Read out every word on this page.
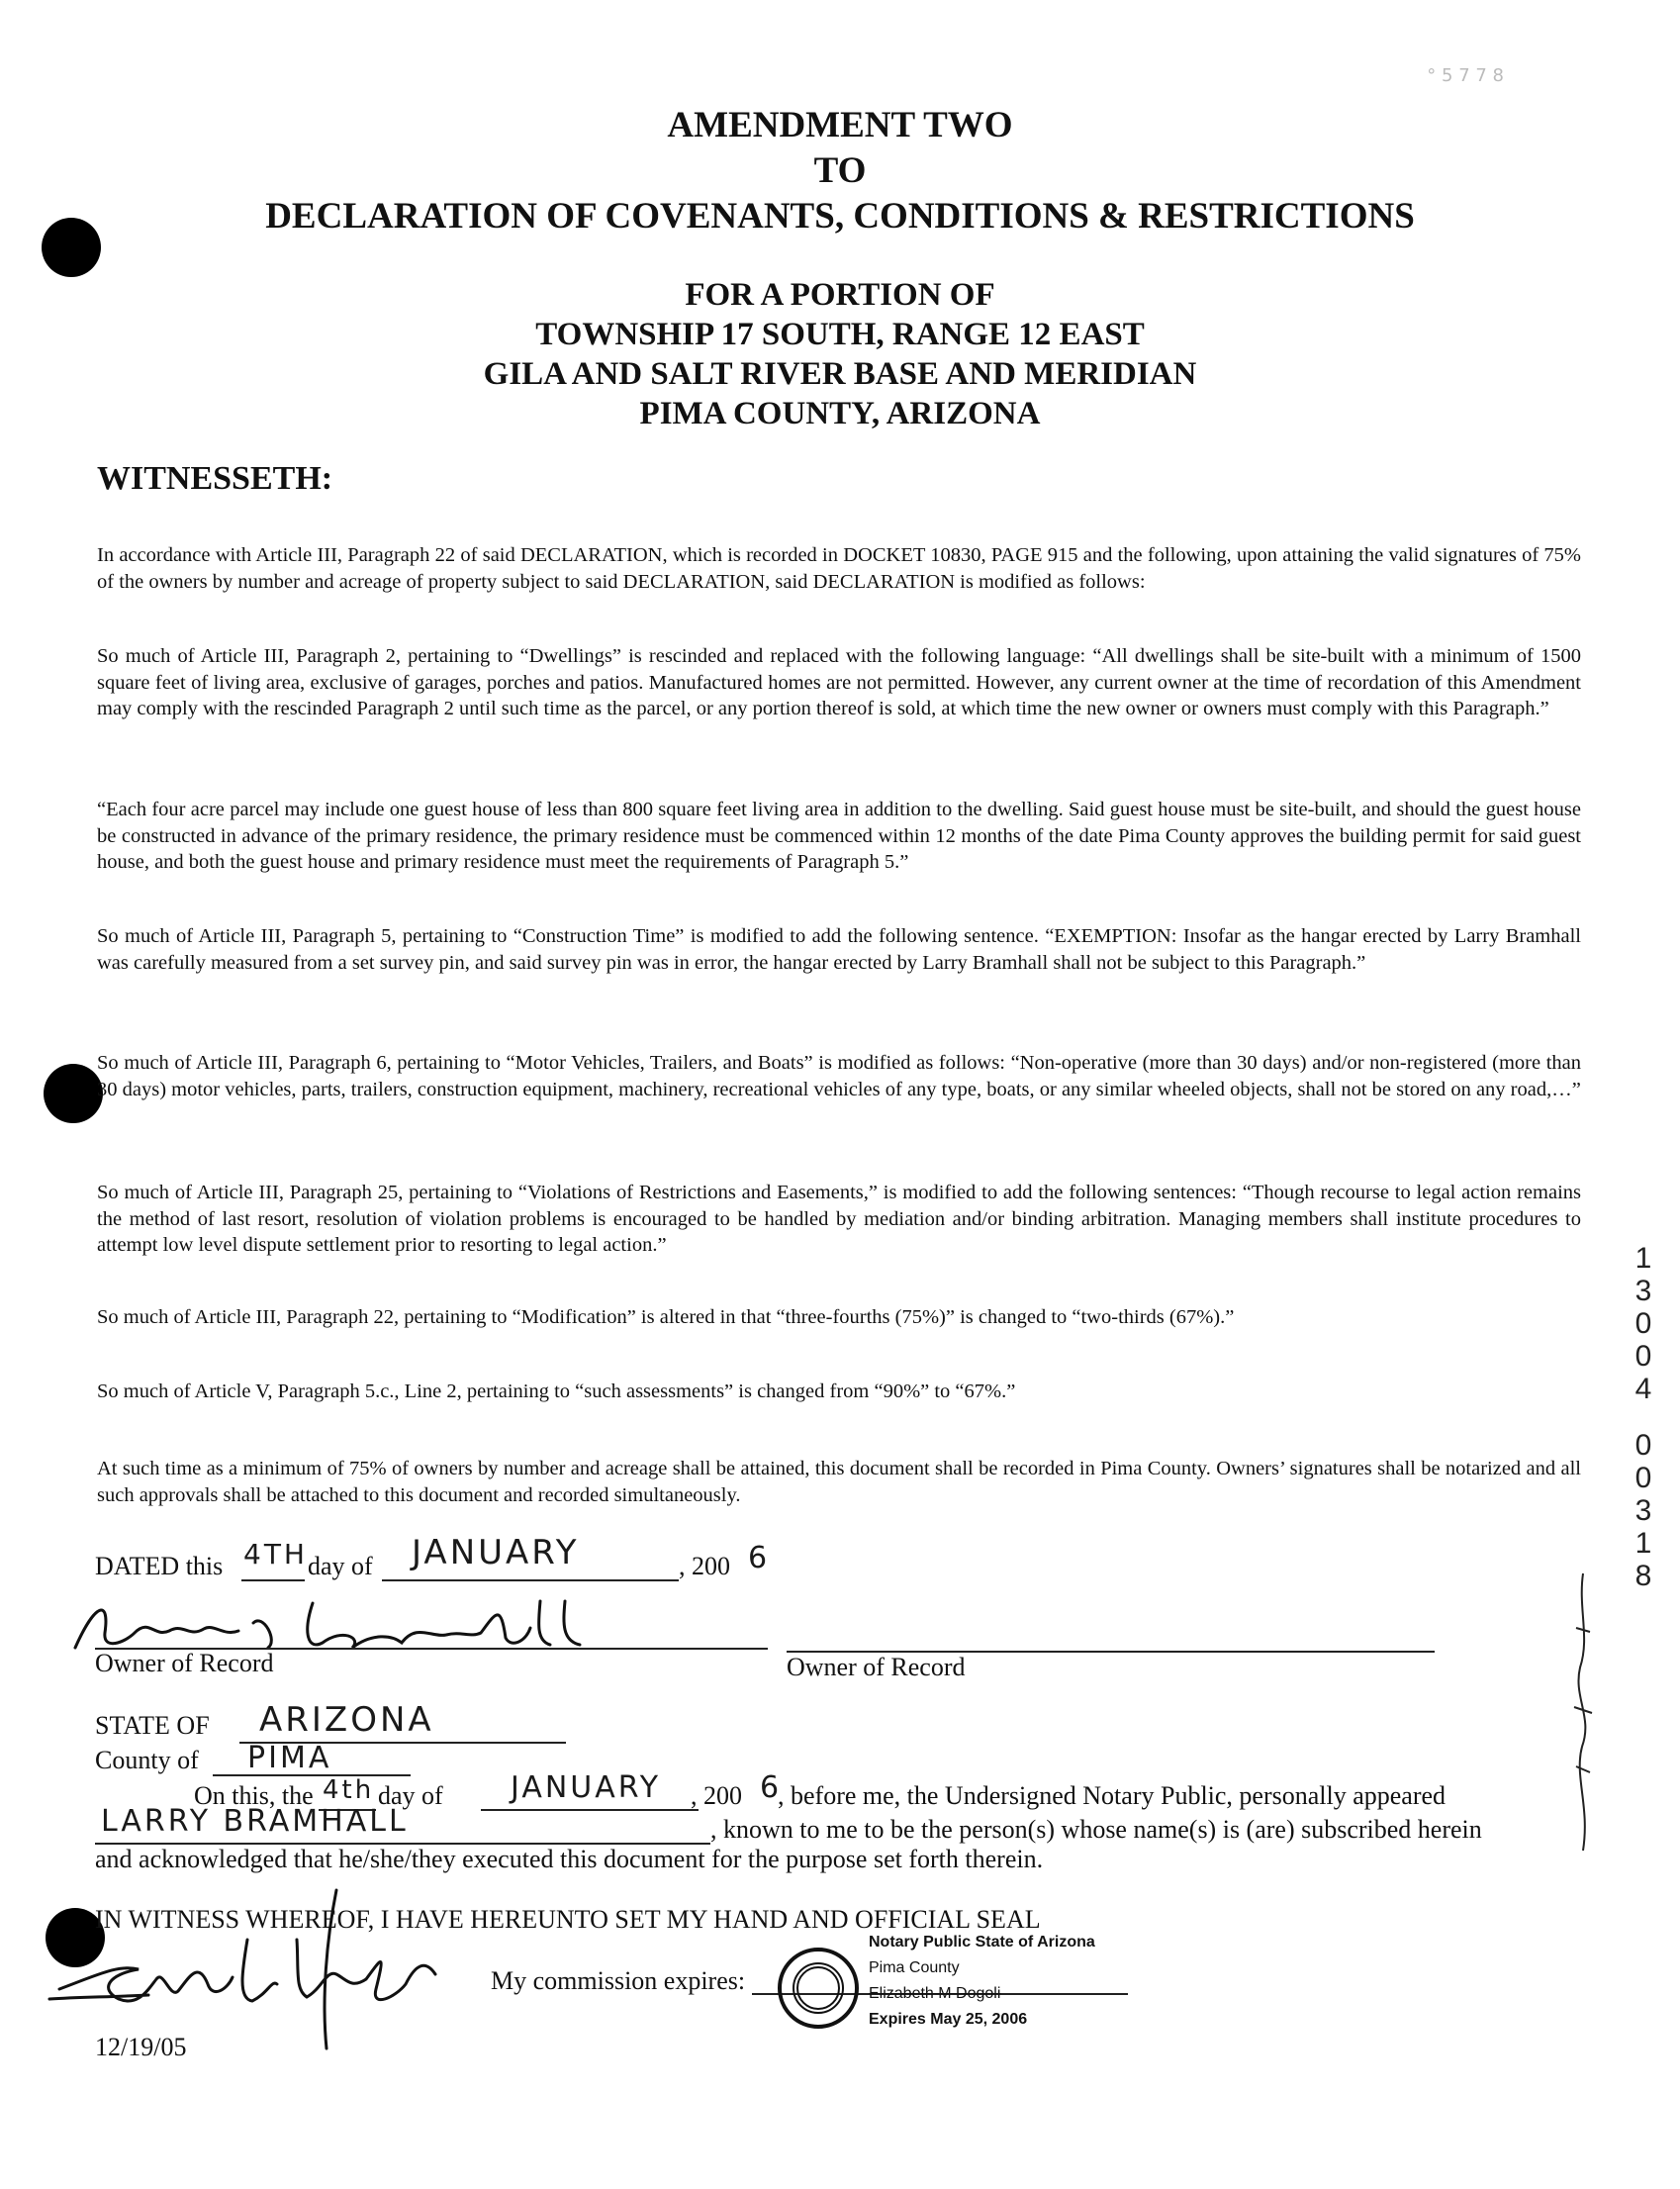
° 5 7 7 8
AMENDMENT TWO
TO
DECLARATION OF COVENANTS, CONDITIONS & RESTRICTIONS
FOR A PORTION OF
TOWNSHIP 17 SOUTH, RANGE 12 EAST
GILA AND SALT RIVER BASE AND MERIDIAN
PIMA COUNTY, ARIZONA
WITNESSETH:

In accordance with Article III, Paragraph 22 of said DECLARATION, which is recorded in DOCKET 10830, PAGE 915 and the following, upon attaining the valid signatures of 75% of the owners by number and acreage of property subject to said DECLARATION, said DECLARATION is modified as follows:

So much of Article III, Paragraph 2, pertaining to “Dwellings” is rescinded and replaced with the following language: “All dwellings shall be site-built with a minimum of 1500 square feet of living area, exclusive of garages, porches and patios. Manufactured homes are not permitted. However, any current owner at the time of recordation of this Amendment may comply with the rescinded Paragraph 2 until such time as the parcel, or any portion thereof is sold, at which time the new owner or owners must comply with this Paragraph.”

“Each four acre parcel may include one guest house of less than 800 square feet living area in addition to the dwelling. Said guest house must be site-built, and should the guest house be constructed in advance of the primary residence, the primary residence must be commenced within 12 months of the date Pima County approves the building permit for said guest house, and both the guest house and primary residence must meet the requirements of Paragraph 5.”

So much of Article III, Paragraph 5, pertaining to “Construction Time” is modified to add the following sentence. “EXEMPTION: Insofar as the hangar erected by Larry Bramhall was carefully measured from a set survey pin, and said survey pin was in error, the hangar erected by Larry Bramhall shall not be subject to this Paragraph.”

So much of Article III, Paragraph 6, pertaining to “Motor Vehicles, Trailers, and Boats” is modified as follows: “Non-operative (more than 30 days) and/or non-registered (more than 30 days) motor vehicles, parts, trailers, construction equipment, machinery, recreational vehicles of any type, boats, or any similar wheeled objects, shall not be stored on any road,…”

So much of Article III, Paragraph 25, pertaining to “Violations of Restrictions and Easements,” is modified to add the following sentences: “Though recourse to legal action remains the method of last resort, resolution of violation problems is encouraged to be handled by mediation and/or binding arbitration. Managing members shall institute procedures to attempt low level dispute settlement prior to resorting to legal action.”

So much of Article III, Paragraph 22, pertaining to “Modification” is altered in that “three-fourths (75%)” is changed to “two-thirds (67%).”

So much of Article V, Paragraph 5.c., Line 2, pertaining to “such assessments” is changed from “90%” to “67%.”

At such time as a minimum of 75% of owners by number and acreage shall be attained, this document shall be recorded in Pima County. Owners’ signatures shall be notarized and all such approvals shall be attached to this document and recorded simultaneously.

DATED this 4TH day of JANUARY	, 200 6
Owner of Record	Owner of Record
STATE OF ARIZONA
County of PIMA
On this, the 4th day of JANUARY , 200 6
, before me, the Undersigned Notary Public, personally appeared
LARRY BRAMHALL	, known to me to be the person(s) whose name(s) is (are) subscribed herein
and acknowledged that he/she/they executed this document for the purpose set forth therein.
IN WITNESS WHEREOF, I HAVE HEREUNTO SET MY HAND AND OFFICIAL SEAL
My commission expires:
Notary Public State of Arizona
Pima County
Elizabeth M Dogoli
Expires May 25, 2006
12/19/05
1
3
0
0
4
0
0
3
1
8
